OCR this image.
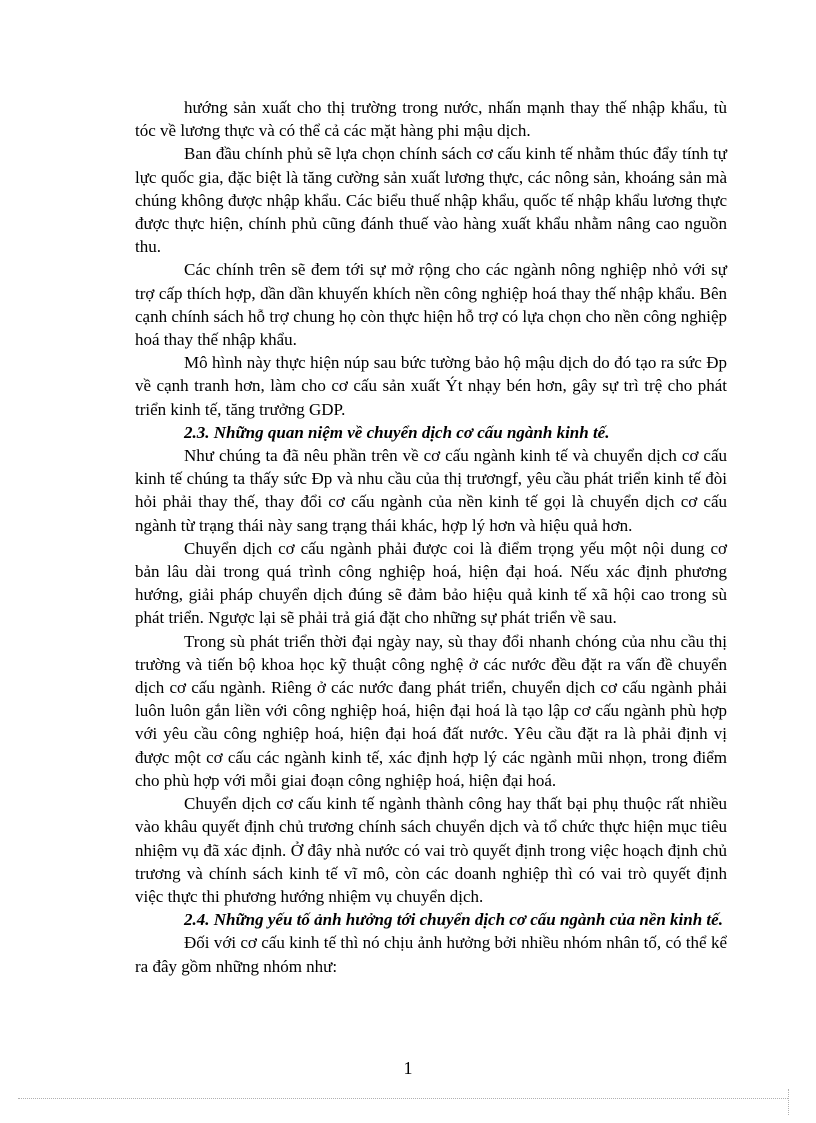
hướng sản xuất cho thị trường trong nước, nhấn mạnh thay thế nhập khẩu, tù tóc về lương thực và có thể cả các mặt hàng phi mậu dịch.

Ban đầu chính phủ sẽ lựa chọn chính sách cơ cấu kinh tế nhằm thúc đẩy tính tự lực quốc gia, đặc biệt là tăng cường sản xuất lương thực, các nông sản, khoáng sản mà chúng không được nhập khẩu. Các biểu thuế nhập khẩu, quốc tế nhập khẩu lương thực được thực hiện, chính phủ cũng đánh thuế vào hàng xuất khẩu nhằm nâng cao nguồn thu.

Các chính trên sẽ đem tới sự mở rộng cho các ngành nông nghiệp nhỏ với sự trợ cấp thích hợp, dần dần khuyến khích nền công nghiệp hoá thay thế nhập khẩu. Bên cạnh chính sách hỗ trợ chung họ còn thực hiện hỗ trợ có lựa chọn cho nền công nghiệp hoá thay thế nhập khẩu.

Mô hình này thực hiện núp sau bức tường bảo hộ mậu dịch do đó tạo ra sức Ðp về cạnh tranh hơn, làm cho cơ cấu sản xuất Ýt nhạy bén hơn, gây sự trì trệ cho phát triển kinh tế, tăng trưởng GDP.

2.3. Những quan niệm về chuyển dịch cơ cấu ngành kinh tế.

Như chúng ta đã nêu phần trên về cơ cấu ngành kinh tế và chuyển dịch cơ cấu kinh tế chúng ta thấy sức Ðp và nhu cầu của thị trươngf, yêu cầu phát triển kinh tế đòi hỏi phải thay thế, thay đổi cơ cấu ngành của nền kinh tế gọi là chuyển dịch cơ cấu ngành từ trạng thái này sang trạng thái khác, hợp lý hơn và hiệu quả hơn.

Chuyển dịch cơ cấu ngành phải được coi là điểm trọng yếu một nội dung cơ bản lâu dài trong quá trình công nghiệp hoá, hiện đại hoá. Nếu xác định phương hướng, giải pháp chuyển dịch đúng sẽ đảm bảo hiệu quả kinh tế xã hội cao trong sù phát triển. Ngược lại sẽ phải trả giá đặt cho những sự phát triển về sau.

Trong sù phát triển thời đại ngày nay, sù thay đổi nhanh chóng của nhu cầu thị trường và tiến bộ khoa học kỹ thuật công nghệ ở các nước đều đặt ra vấn đề chuyển dịch cơ cấu ngành. Riêng ở các nước đang phát triển, chuyển dịch cơ cấu ngành phải luôn luôn gắn liền với công nghiệp hoá, hiện đại hoá là tạo lập cơ cấu ngành phù hợp với yêu cầu công nghiệp hoá, hiện đại hoá đất nước. Yêu cầu đặt ra là phải định vị được một cơ cấu các ngành kinh tế, xác định hợp lý các ngành mũi nhọn, trong điểm cho phù hợp với mỗi giai đoạn công nghiệp hoá, hiện đại hoá.

Chuyển dịch cơ cấu kinh tế ngành thành công hay thất bại phụ thuộc rất nhiều vào khâu quyết định chủ trương chính sách chuyển dịch và tổ chức thực hiện mục tiêu nhiệm vụ đã xác định. Ở đây nhà nước có vai trò quyết định trong việc hoạch định chủ trương và chính sách kinh tế vĩ mô, còn các doanh nghiệp thì có vai trò quyết định việc thực thi phương hướng nhiệm vụ chuyển dịch.

2.4. Những yếu tố ảnh hưởng tới chuyển dịch cơ cấu ngành của nền kinh tế.

Đối với cơ cấu kinh tế thì nó chịu ảnh hưởng bởi nhiều nhóm nhân tố, có thể kể ra đây gồm những nhóm như:

1
